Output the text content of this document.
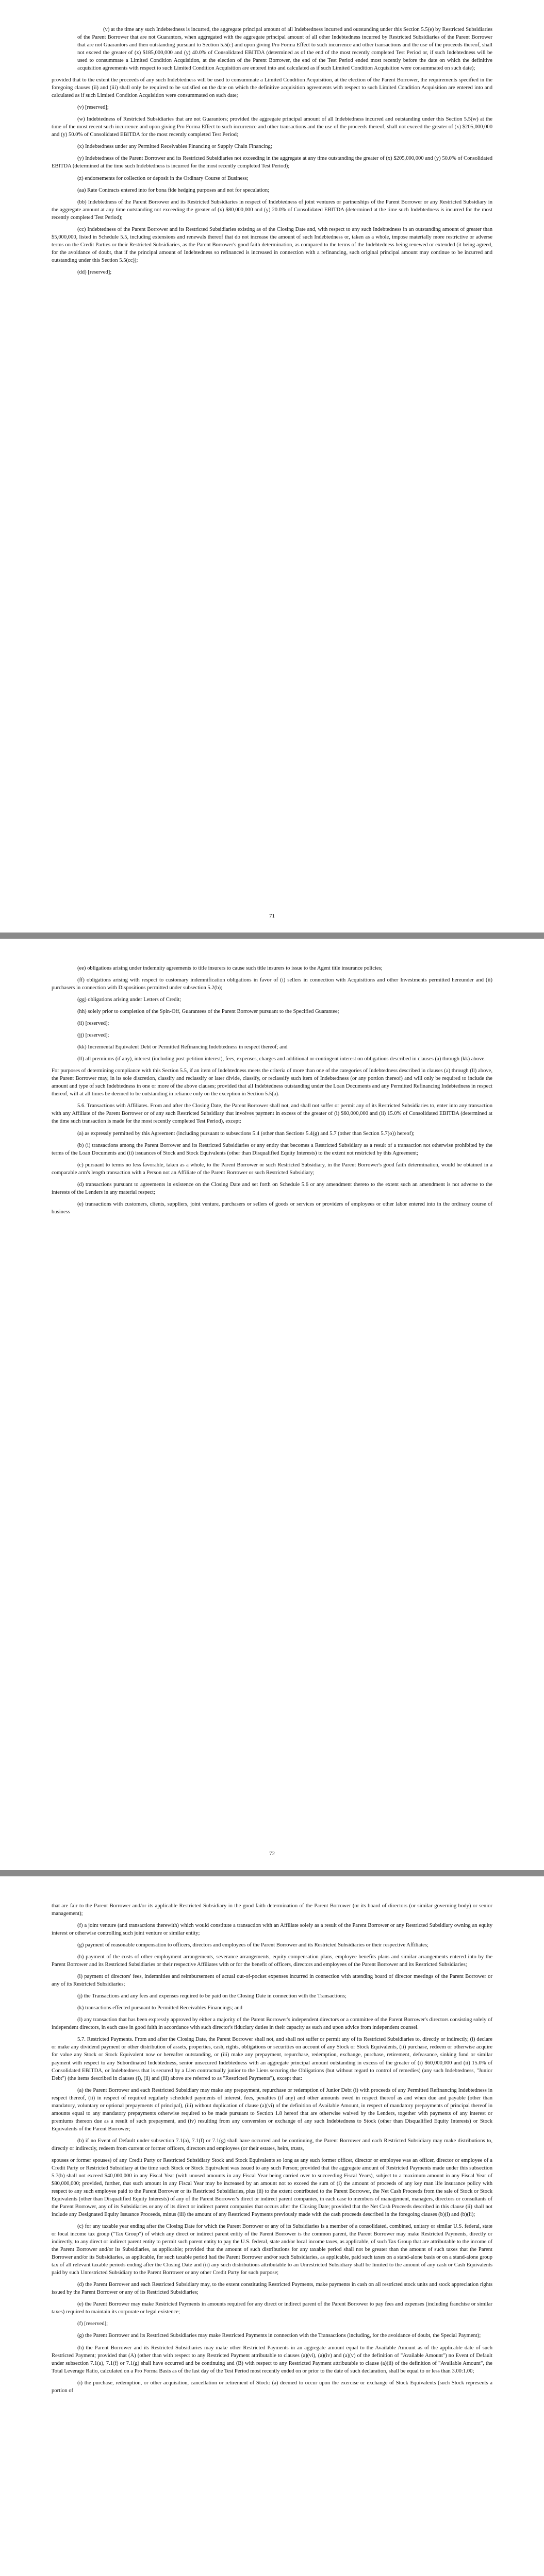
(v) at the time any such Indebtedness is incurred, the aggregate principal amount of all Indebtedness incurred and outstanding under this Section 5.5(e) by Restricted Subsidiaries of the Parent Borrower that are not Guarantors, when aggregated with the aggregate principal amount of all other Indebtedness incurred by Restricted Subsidiaries of the Parent Borrower that are not Guarantors and then outstanding pursuant to Section 5.5(c) and upon giving Pro Forma Effect to such incurrence and other transactions and the use of the proceeds thereof, shall not exceed the greater of (x) $185,000,000 and (y) 40.0% of Consolidated EBITDA (determined as of the end of the most recently completed Test Period or, if such Indebtedness will be used to consummate a Limited Condition Acquisition, at the election of the Parent Borrower, the end of the Test Period ended most recently before the date on which the definitive acquisition agreements with respect to such Limited Condition Acquisition are entered into and calculated as if such Limited Condition Acquisition were consummated on such date);

provided that to the extent the proceeds of any such Indebtedness will be used to consummate a Limited Condition Acquisition, at the election of the Parent Borrower, the requirements specified in the foregoing clauses (ii) and (iii) shall only be required to be satisfied on the date on which the definitive acquisition agreements with respect to such Limited Condition Acquisition are entered into and calculated as if such Limited Condition Acquisition were consummated on such date;

(v) [reserved];

(w) Indebtedness of Restricted Subsidiaries that are not Guarantors; provided the aggregate principal amount of all Indebtedness incurred and outstanding under this Section 5.5(w) at the time of the most recent such incurrence and upon giving Pro Forma Effect to such incurrence and other transactions and the use of the proceeds thereof, shall not exceed the greater of (x) $205,000,000 and (y) 50.0% of Consolidated EBITDA for the most recently completed Test Period;

(x) Indebtedness under any Permitted Receivables Financing or Supply Chain Financing;

(y) Indebtedness of the Parent Borrower and its Restricted Subsidiaries not exceeding in the aggregate at any time outstanding the greater of (x) $205,000,000 and (y) 50.0% of Consolidated EBITDA (determined at the time such Indebtedness is incurred for the most recently completed Test Period);

(z) endorsements for collection or deposit in the Ordinary Course of Business;

(aa) Rate Contracts entered into for bona fide hedging purposes and not for speculation;

(bb) Indebtedness of the Parent Borrower and its Restricted Subsidiaries in respect of Indebtedness of joint ventures or partnerships of the Parent Borrower or any Restricted Subsidiary in the aggregate amount at any time outstanding not exceeding the greater of (x) $80,000,000 and (y) 20.0% of Consolidated EBITDA (determined at the time such Indebtedness is incurred for the most recently completed Test Period);

(cc) Indebtedness of the Parent Borrower and its Restricted Subsidiaries existing as of the Closing Date and, with respect to any such Indebtedness in an outstanding amount of greater than $5,000,000, listed in Schedule 5.5, including extensions and renewals thereof that do not increase the amount of such Indebtedness or, taken as a whole, impose materially more restrictive or adverse terms on the Credit Parties or their Restricted Subsidiaries, as the Parent Borrower's good faith determination, as compared to the terms of the Indebtedness being renewed or extended (it being agreed, for the avoidance of doubt, that if the principal amount of Indebtedness so refinanced is increased in connection with a refinancing, such original principal amount may continue to be incurred and outstanding under this Section 5.5(cc));

(dd) [reserved];

71

(ee) obligations arising under indemnity agreements to title insurers to cause such title insurers to issue to the Agent title insurance policies;

(ff) obligations arising with respect to customary indemnification obligations in favor of (i) sellers in connection with Acquisitions and other Investments permitted hereunder and (ii) purchasers in connection with Dispositions permitted under subsection 5.2(b);

(gg) obligations arising under Letters of Credit;

(hh) solely prior to completion of the Spin-Off, Guarantees of the Parent Borrower pursuant to the Specified Guarantee;

(ii) [reserved];

(jj) [reserved];

(kk) Incremental Equivalent Debt or Permitted Refinancing Indebtedness in respect thereof; and

(ll) all premiums (if any), interest (including post-petition interest), fees, expenses, charges and additional or contingent interest on obligations described in clauses (a) through (kk) above.

For purposes of determining compliance with this Section 5.5, if an item of Indebtedness meets the criteria of more than one of the categories of Indebtedness described in clauses (a) through (ll) above, the Parent Borrower may, in its sole discretion, classify and reclassify or later divide, classify, or reclassify such item of Indebtedness (or any portion thereof) and will only be required to include the amount and type of such Indebtedness in one or more of the above clauses; provided that all Indebtedness outstanding under the Loan Documents and any Permitted Refinancing Indebtedness in respect thereof, will at all times be deemed to be outstanding in reliance only on the exception in Section 5.5(a).

5.6. Transactions with Affiliates. From and after the Closing Date, the Parent Borrower shall not, and shall not suffer or permit any of its Restricted Subsidiaries to, enter into any transaction with any Affiliate of the Parent Borrower or of any such Restricted Subsidiary that involves payment in excess of the greater of (i) $60,000,000 and (ii) 15.0% of Consolidated EBITDA (determined at the time such transaction is made for the most recently completed Test Period), except:

(a) as expressly permitted by this Agreement (including pursuant to subsections 5.4 (other than Sections 5.4(g) and 5.7 (other than Section 5.7(o)) hereof);

(b) (i) transactions among the Parent Borrower and its Restricted Subsidiaries or any entity that becomes a Restricted Subsidiary as a result of a transaction not otherwise prohibited by the terms of the Loan Documents and (ii) issuances of Stock and Stock Equivalents (other than Disqualified Equity Interests) to the extent not restricted by this Agreement;

(c) pursuant to terms no less favorable, taken as a whole, to the Parent Borrower or such Restricted Subsidiary, in the Parent Borrower's good faith determination, would be obtained in a comparable arm's length transaction with a Person not an Affiliate of the Parent Borrower or such Restricted Subsidiary;

(d) transactions pursuant to agreements in existence on the Closing Date and set forth on Schedule 5.6 or any amendment thereto to the extent such an amendment is not adverse to the interests of the Lenders in any material respect;

(e) transactions with customers, clients, suppliers, joint venture, purchasers or sellers of goods or services or providers of employees or other labor entered into in the ordinary course of business

72

that are fair to the Parent Borrower and/or its applicable Restricted Subsidiary in the good faith determination of the Parent Borrower (or its board of directors (or similar governing body) or senior management);

(f) a joint venture (and transactions therewith) which would constitute a transaction with an Affiliate solely as a result of the Parent Borrower or any Restricted Subsidiary owning an equity interest or otherwise controlling such joint venture or similar entity;

(g) payment of reasonable compensation to officers, directors and employees of the Parent Borrower and its Restricted Subsidiaries or their respective Affiliates;

(h) payment of the costs of other employment arrangements, severance arrangements, equity compensation plans, employee benefits plans and similar arrangements entered into by the Parent Borrower and its Restricted Subsidiaries or their respective Affiliates with or for the benefit of officers, directors and employees of the Parent Borrower and its Restricted Subsidiaries;

(i) payment of directors' fees, indemnities and reimbursement of actual out-of-pocket expenses incurred in connection with attending board of director meetings of the Parent Borrower or any of its Restricted Subsidiaries;

(j) the Transactions and any fees and expenses required to be paid on the Closing Date in connection with the Transactions;

(k) transactions effected pursuant to Permitted Receivables Financings; and

(l) any transaction that has been expressly approved by either a majority of the Parent Borrower's independent directors or a committee of the Parent Borrower's directors consisting solely of independent directors, in each case in good faith in accordance with such director's fiduciary duties in their capacity as such and upon advice from independent counsel.

5.7. Restricted Payments. From and after the Closing Date, the Parent Borrower shall not, and shall not suffer or permit any of its Restricted Subsidiaries to, directly or indirectly, (i) declare or make any dividend payment or other distribution of assets, properties, cash, rights, obligations or securities on account of any Stock or Stock Equivalents, (ii) purchase, redeem or otherwise acquire for value any Stock or Stock Equivalent now or hereafter outstanding, or (iii) make any prepayment, repurchase, redemption, exchange, purchase, retirement, defeasance, sinking fund or similar payment with respect to any Subordinated Indebtedness, senior unsecured Indebtedness with an aggregate principal amount outstanding in excess of the greater of (i) $60,000,000 and (ii) 15.0% of Consolidated EBITDA, or Indebtedness that is secured by a Lien contractually junior to the Liens securing the Obligations (but without regard to control of remedies) (any such Indebtedness, "Junior Debt") (the items described in clauses (i), (ii) and (iii) above are referred to as "Restricted Payments"), except that:

(a) the Parent Borrower and each Restricted Subsidiary may make any prepayment, repurchase or redemption of Junior Debt (i) with proceeds of any Permitted Refinancing Indebtedness in respect thereof, (ii) in respect of required regularly scheduled payments of interest, fees, penalties (if any) and other amounts owed in respect thereof as and when due and payable (other than mandatory, voluntary or optional prepayments of principal), (iii) without duplication of clause (a)(vi) of the definition of Available Amount, in respect of mandatory prepayments of principal thereof in amounts equal to any mandatory prepayments otherwise required to be made pursuant to Section 1.8 hereof that are otherwise waived by the Lenders, together with payments of any interest or premiums thereon due as a result of such prepayment, and (iv) resulting from any conversion or exchange of any such Indebtedness to Stock (other than Disqualified Equity Interests) or Stock Equivalents of the Parent Borrower;

(b) if no Event of Default under subsection 7.1(a), 7.1(f) or 7.1(g) shall have occurred and be continuing, the Parent Borrower and each Restricted Subsidiary may make distributions to, directly or indirectly, redeem from current or former officers, directors and employees (or their estates, heirs, trusts,

spouses or former spouses) of any Credit Party or Restricted Subsidiary Stock and Stock Equivalents so long as any such former officer, director or employee was an officer, director or employee of a Credit Party or Restricted Subsidiary at the time such Stock or Stock Equivalent was issued to any such Person; provided that the aggregate amount of Restricted Payments made under this subsection 5.7(b) shall not exceed $40,000,000 in any Fiscal Year (with unused amounts in any Fiscal Year being carried over to succeeding Fiscal Years), subject to a maximum amount in any Fiscal Year of $80,000,000; provided, further, that such amount in any Fiscal Year may be increased by an amount not to exceed the sum of (i) the amount of proceeds of any key man life insurance policy with respect to any such employee paid to the Parent Borrower or its Restricted Subsidiaries, plus (ii) to the extent contributed to the Parent Borrower, the Net Cash Proceeds from the sale of Stock or Stock Equivalents (other than Disqualified Equity Interests) of any of the Parent Borrower's direct or indirect parent companies, in each case to members of management, managers, directors or consultants of the Parent Borrower, any of its Subsidiaries or any of its direct or indirect parent companies that occurs after the Closing Date; provided that the Net Cash Proceeds described in this clause (ii) shall not include any Designated Equity Issuance Proceeds, minus (iii) the amount of any Restricted Payments previously made with the cash proceeds described in the foregoing clauses (b)(i) and (b)(ii);

(c) for any taxable year ending after the Closing Date for which the Parent Borrower or any of its Subsidiaries is a member of a consolidated, combined, unitary or similar U.S. federal, state or local income tax group ("Tax Group") of which any direct or indirect parent entity of the Parent Borrower is the common parent, the Parent Borrower may make Restricted Payments, directly or indirectly, to any direct or indirect parent entity to permit such parent entity to pay the U.S. federal, state and/or local income taxes, as applicable, of such Tax Group that are attributable to the income of the Parent Borrower and/or its Subsidiaries, as applicable; provided that the amount of such distributions for any taxable period shall not be greater than the amount of such taxes that the Parent Borrower and/or its Subsidiaries, as applicable, for such taxable period had the Parent Borrower and/or such Subsidiaries, as applicable, paid such taxes on a stand-alone basis or on a stand-alone group tax of all relevant taxable periods ending after the Closing Date and (ii) any such distributions attributable to an Unrestricted Subsidiary shall be limited to the amount of any cash or Cash Equivalents paid by such Unrestricted Subsidiary to the Parent Borrower or any other Credit Party for such purpose;

(d) the Parent Borrower and each Restricted Subsidiary may, to the extent constituting Restricted Payments, make payments in cash on all restricted stock units and stock appreciation rights issued by the Parent Borrower or any of its Restricted Subsidiaries;

(e) the Parent Borrower may make Restricted Payments in amounts required for any direct or indirect parent of the Parent Borrower to pay fees and expenses (including franchise or similar taxes) required to maintain its corporate or legal existence;

(f) [reserved];

(g) the Parent Borrower and its Restricted Subsidiaries may make Restricted Payments in connection with the Transactions (including, for the avoidance of doubt, the Special Payment);

(h) the Parent Borrower and its Restricted Subsidiaries may make other Restricted Payments in an aggregate amount equal to the Available Amount as of the applicable date of such Restricted Payment; provided that (A) (other than with respect to any Restricted Payment attributable to clauses (a)(vi), (a)(iv) and (a)(v) of the definition of "Available Amount") no Event of Default under subsection 7.1(a), 7.1(f) or 7.1(g) shall have occurred and be continuing and (B) with respect to any Restricted Payment attributable to clause (a)(ii) of the definition of "Available Amount", the Total Leverage Ratio, calculated on a Pro Forma Basis as of the last day of the Test Period most recently ended on or prior to the date of such declaration, shall be equal to or less than 3.00:1.00;

(i) the purchase, redemption, or other acquisition, cancellation or retirement of Stock: (a) deemed to occur upon the exercise or exchange of Stock Equivalents (such Stock represents a portion of
